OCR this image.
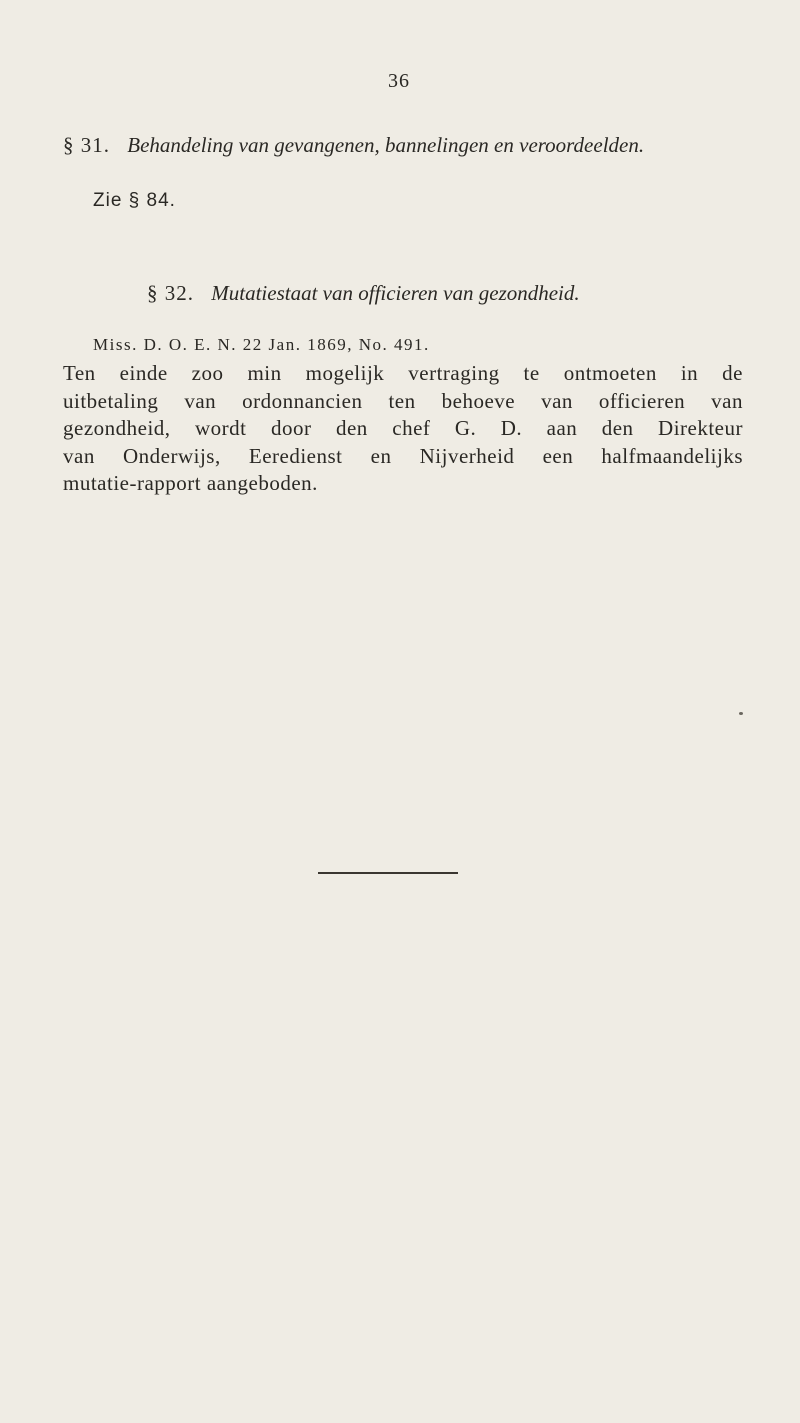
36
§ 31. Behandeling van gevangenen, bannelingen en veroordeelden.
Zie § 84.
§ 32. Mutatiestaat van officieren van gezondheid.
Miss. D. O. E. N. 22 Jan. 1869, No. 491.
Ten einde zoo min mogelijk vertraging te ontmoeten in de
uitbetaling van ordonnancien ten behoeve van officieren van
gezondheid, wordt door den chef G. D. aan den Direkteur
van Onderwijs, Eeredienst en Nijverheid een halfmaandelijks
mutatie-rapport aangeboden.
